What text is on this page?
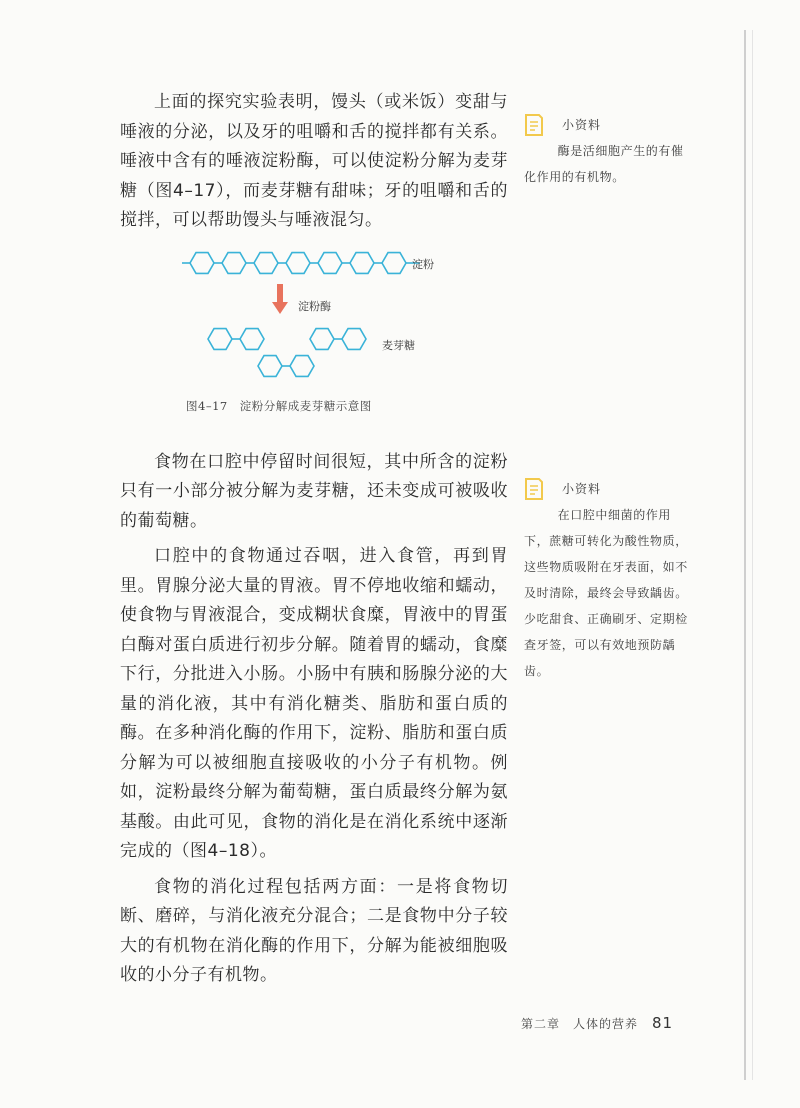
上面的探究实验表明，馒头（或米饭）变甜与唾液的分泌，以及牙的咀嚼和舌的搅拌都有关系。唾液中含有的唾液淀粉酶，可以使淀粉分解为麦芽糖（图4–17），而麦芽糖有甜味；牙的咀嚼和舌的搅拌，可以帮助馒头与唾液混匀。

淀粉
淀粉酶
麦芽糖
图4–17 淀粉分解成麦芽糖示意图

食物在口腔中停留时间很短，其中所含的淀粉只有一小部分被分解为麦芽糖，还未变成可被吸收的葡萄糖。

口腔中的食物通过吞咽，进入食管，再到胃里。胃腺分泌大量的胃液。胃不停地收缩和蠕动，使食物与胃液混合，变成糊状食糜，胃液中的胃蛋白酶对蛋白质进行初步分解。随着胃的蠕动，食糜下行，分批进入小肠。小肠中有胰和肠腺分泌的大量的消化液，其中有消化糖类、脂肪和蛋白质的酶。在多种消化酶的作用下，淀粉、脂肪和蛋白质分解为可以被细胞直接吸收的小分子有机物。例如，淀粉最终分解为葡萄糖，蛋白质最终分解为氨基酸。由此可见，食物的消化是在消化系统中逐渐完成的（图4–18）。

食物的消化过程包括两方面：一是将食物切断、磨碎，与消化液充分混合；二是食物中分子较大的有机物在消化酶的作用下，分解为能被细胞吸收的小分子有机物。

小资料
酶是活细胞产生的有催化作用的有机物。
小资料
在口腔中细菌的作用下，蔗糖可转化为酸性物质，这些物质吸附在牙表面，如不及时清除，最终会导致龋齿。少吃甜食、正确刷牙、定期检查牙签，可以有效地预防龋齿。
第二章　人体的营养 81
